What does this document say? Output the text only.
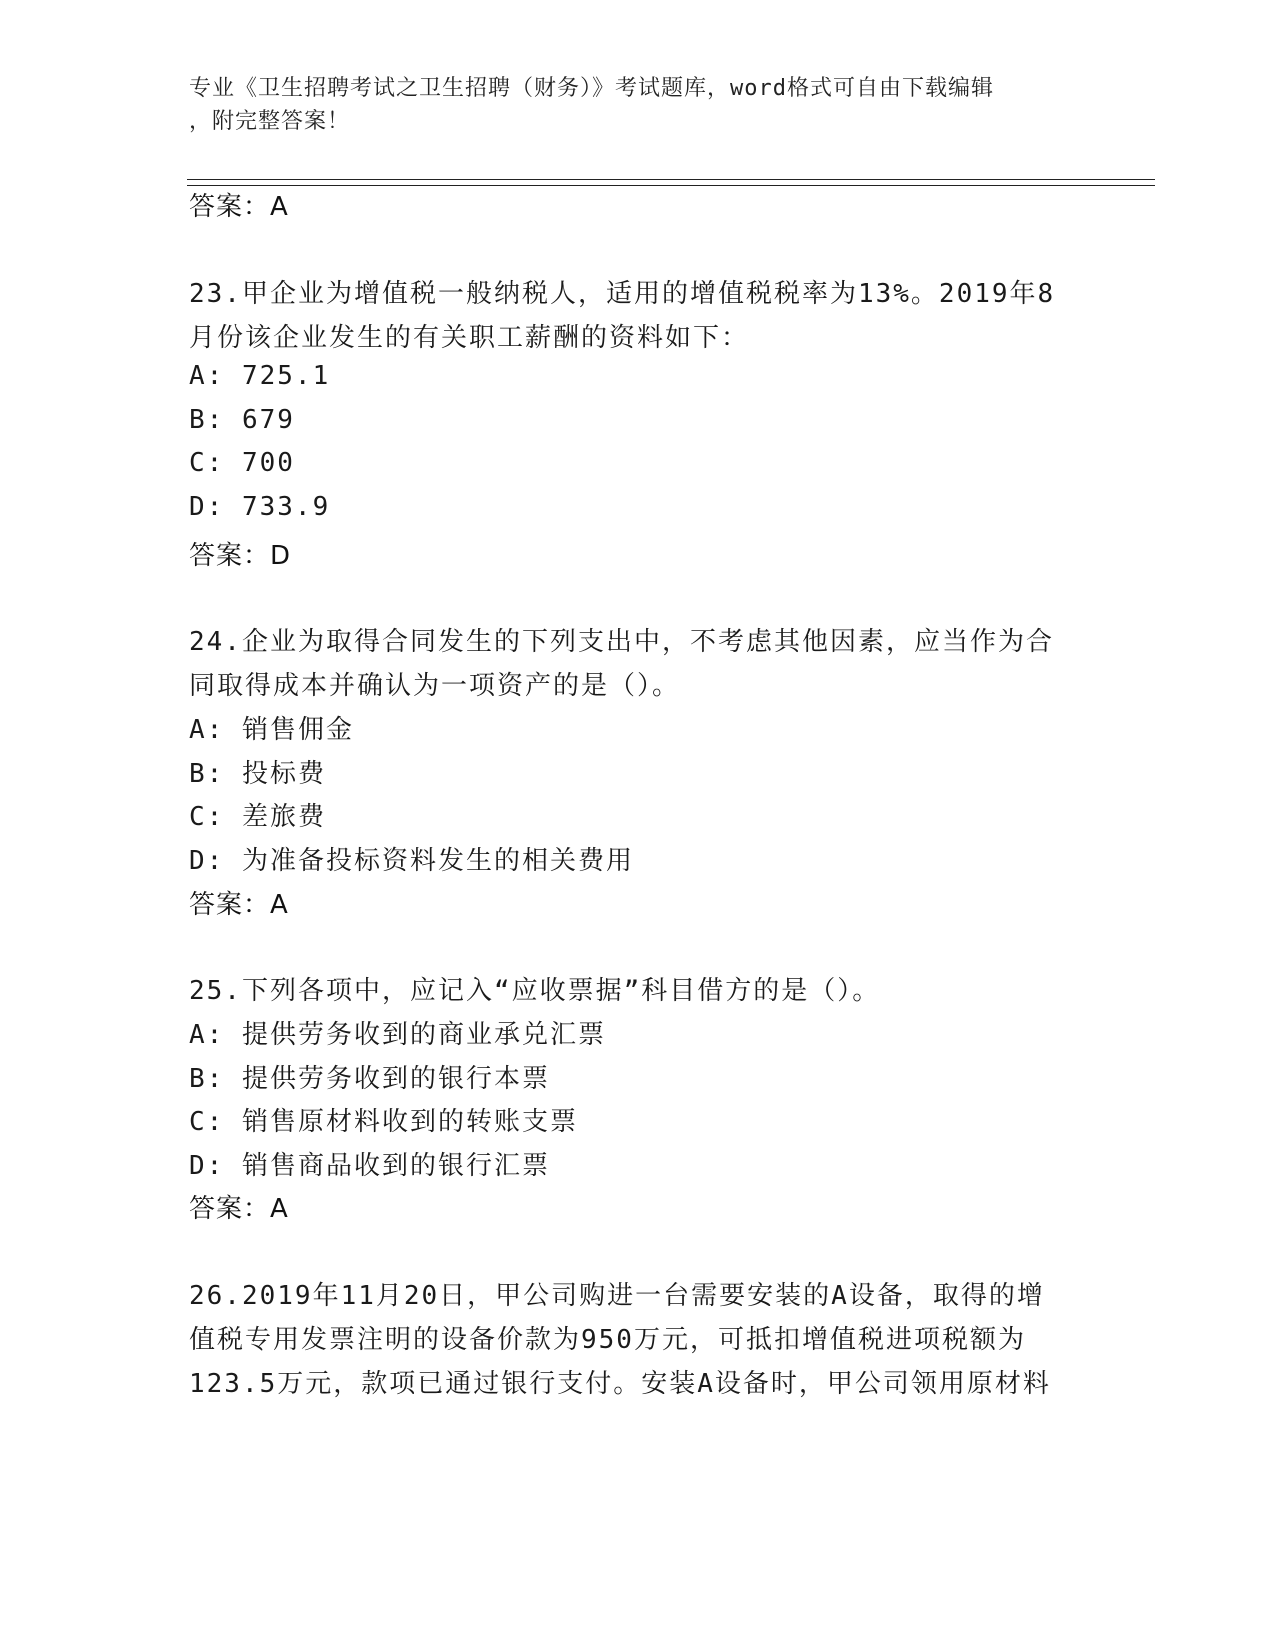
专业《卫生招聘考试之卫生招聘（财务）》考试题库，word格式可自由下载编辑
，附完整答案！
答案：A
23.甲企业为增值税一般纳税人，适用的增值税税率为13%。2019年8
月份该企业发生的有关职工薪酬的资料如下：
A: 725.1
B: 679
C: 700
D: 733.9
答案：D
24.企业为取得合同发生的下列支出中，不考虑其他因素，应当作为合
同取得成本并确认为一项资产的是（）。
A: 销售佣金
B: 投标费
C: 差旅费
D: 为准备投标资料发生的相关费用
答案：A
25.下列各项中，应记入“应收票据”科目借方的是（）。
A: 提供劳务收到的商业承兑汇票
B: 提供劳务收到的银行本票
C: 销售原材料收到的转账支票
D: 销售商品收到的银行汇票
答案：A
26.2019年11月20日，甲公司购进一台需要安装的A设备，取得的增
值税专用发票注明的设备价款为950万元，可抵扣增值税进项税额为
123.5万元，款项已通过银行支付。安装A设备时，甲公司领用原材料
